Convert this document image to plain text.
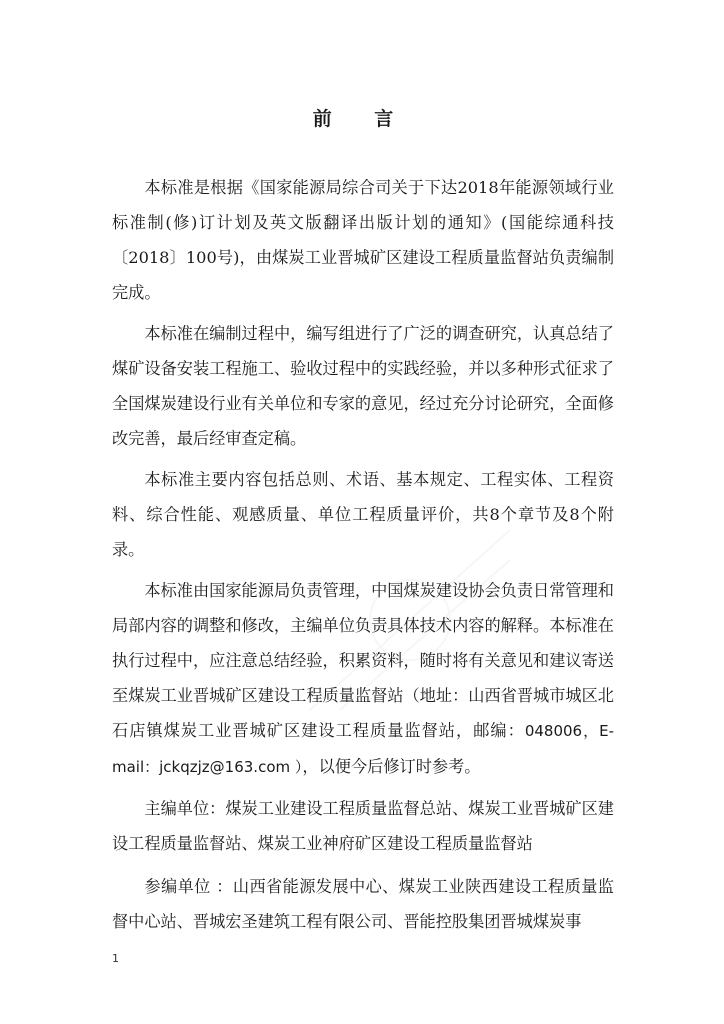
前 言

本标准是根据《国家能源局综合司关于下达2018年能源领域行业标准制(修)订计划及英文版翻译出版计划的通知》(国能综通科技〔2018〕100号)，由煤炭工业晋城矿区建设工程质量监督站负责编制完成。

本标准在编制过程中，编写组进行了广泛的调查研究，认真总结了煤矿设备安装工程施工、验收过程中的实践经验，并以多种形式征求了全国煤炭建设行业有关单位和专家的意见，经过充分讨论研究，全面修改完善，最后经审查定稿。

本标准主要内容包括总则、术语、基本规定、工程实体、工程资料、综合性能、观感质量、单位工程质量评价，共8个章节及8个附录。

本标准由国家能源局负责管理，中国煤炭建设协会负责日常管理和局部内容的调整和修改，主编单位负责具体技术内容的解释。本标准在执行过程中，应注意总结经验，积累资料，随时将有关意见和建议寄送至煤炭工业晋城矿区建设工程质量监督站（地址：山西省晋城市城区北石店镇煤炭工业晋城矿区建设工程质量监督站，邮编：048006，E-mail：jckqzjz@163.com ），以便今后修订时参考。

主编单位：煤炭工业建设工程质量监督总站、煤炭工业晋城矿区建设工程质量监督站、煤炭工业神府矿区建设工程质量监督站

参编单位 ：山西省能源发展中心、煤炭工业陕西建设工程质量监督中心站、晋城宏圣建筑工程有限公司、晋能控股集团晋城煤炭事

1
